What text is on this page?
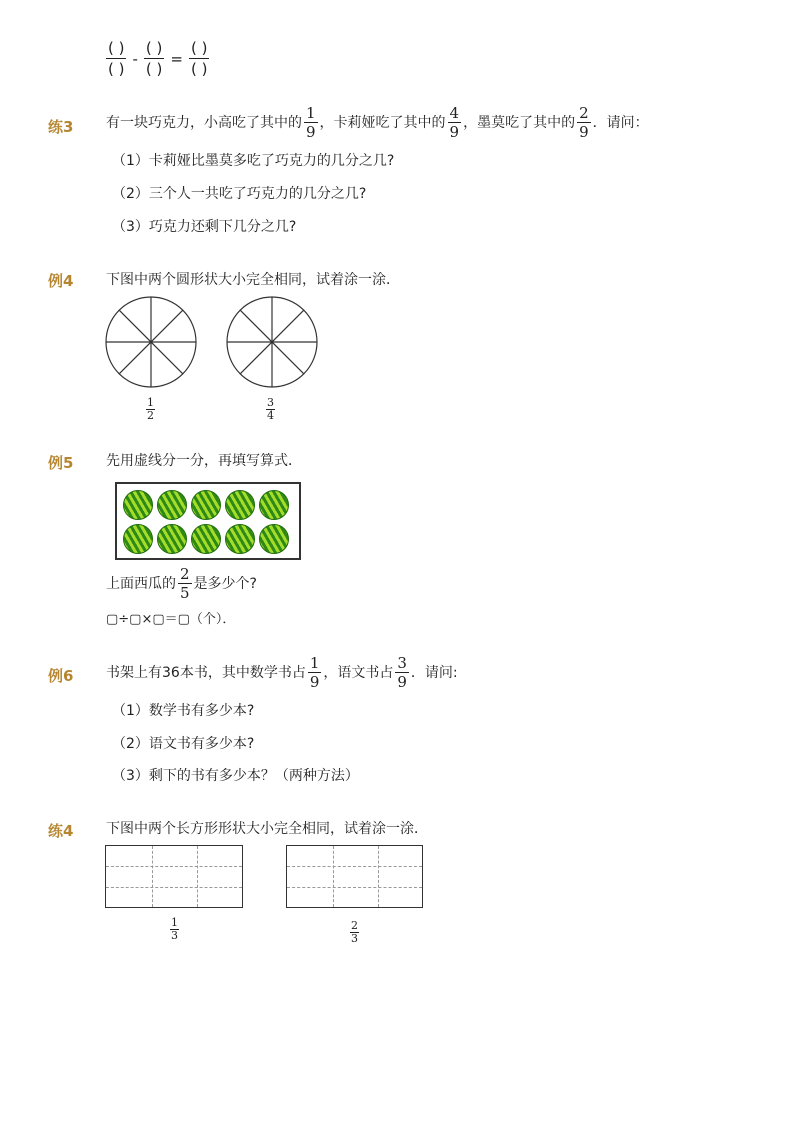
$\frac{( )}{( )} - \frac{( )}{( )} = \frac{( )}{( )}$
练3 有一块巧克力，小高吃了其中的 $\frac{1}{9}$ ，卡莉娅吃了其中的 $\frac{4}{9}$ ，墨莫吃了其中的 $\frac{2}{9}$ ．请问：
（1）卡莉娅比墨莫多吃了巧克力的几分之几?
（2）三个人一共吃了巧克力的几分之几?
（3）巧克力还剩下几分之几?
例4 下图中两个圆形状大小完全相同，试着涂一涂．
$\frac{1}{2}$	$\frac{3}{4}$
例5 先用虚线分一分，再填写算式．
上面西瓜的 $\frac{2}{5}$ 是多少个?
▢÷▢×▢＝▢（个）．
例6 书架上有36本书，其中数学书占 $\frac{1}{9}$ ，语文书占 $\frac{3}{9}$ ．请问:
（1）数学书有多少本?
（2）语文书有多少本?
（3）剩下的书有多少本？（两种方法）
练4 下图中两个长方形形状大小完全相同，试着涂一涂．
$\frac{1}{3}$	$\frac{2}{3}$
